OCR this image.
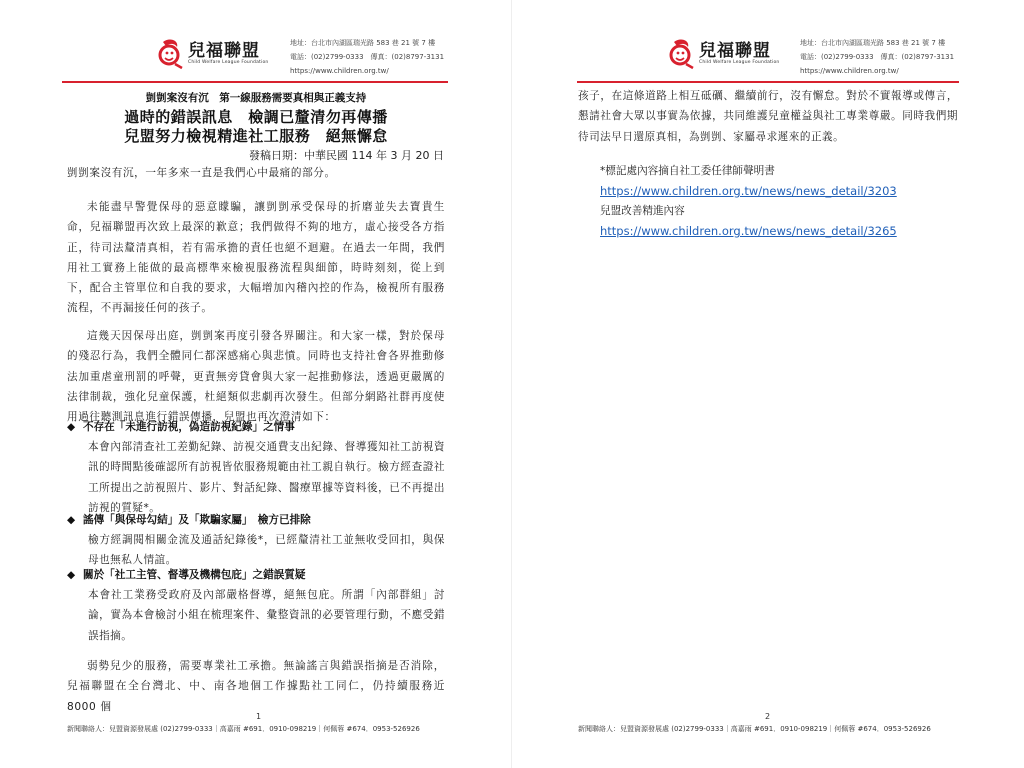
兒福聯盟
Child Welfare League Foundation
地址：台北市內湖區瑞光路 583 巷 21 號 7 樓
電話：(02)2799-0333　傳真：(02)8797-3131
https://www.children.org.tw/
剴剴案沒有沉　第一線服務需要真相與正義支持
過時的錯誤訊息　檢調已釐清勿再傳播
兒盟努力檢視精進社工服務　絕無懈怠
發稿日期：中華民國 114 年 3 月 20 日
剴剴案沒有沉，一年多來一直是我們心中最痛的部分。
未能盡早警覺保母的惡意矇騙，讓剴剴承受保母的折磨並失去寶貴生命，兒福聯盟再次致上最深的歉意；我們做得不夠的地方，虛心接受各方指正，待司法釐清真相，若有需承擔的責任也絕不迴避。在過去一年間，我們用社工實務上能做的最高標準來檢視服務流程與細節，時時刻刻，從上到下，配合主管單位和自我的要求，大幅增加內稽內控的作為，檢視所有服務流程，不再漏接任何的孩子。
這幾天因保母出庭，剴剴案再度引發各界關注。和大家一樣，對於保母的殘忍行為，我們全體同仁都深感痛心與悲憤。同時也支持社會各界推動修法加重虐童刑罰的呼聲，更責無旁貸會與大家一起推動修法，透過更嚴厲的法律制裁，強化兒童保護，杜絕類似悲劇再次發生。但部分網路社群再度使用過往聽測訊息進行錯誤傳播，兒盟也再次澄清如下：
◆ 不存在「未進行訪視，偽造訪視紀錄」之情事
本會內部清查社工差勤紀錄、訪視交通費支出紀錄、督導獲知社工訪視資訊的時間點後確認所有訪視皆依服務規範由社工親自執行。檢方經查證社工所提出之訪視照片、影片、對話紀錄、醫療單據等資料後，已不再提出訪視的質疑*。
◆ 謠傳「與保母勾結」及「欺騙家屬」　檢方已排除
檢方經調閱相關金流及通話紀錄後*，已經釐清社工並無收受回扣，與保母也無私人情誼。
◆ 關於「社工主管、督導及機構包庇」之錯誤質疑
本會社工業務受政府及內部嚴格督導，絕無包庇。所謂「內部群組」討論，實為本會檢討小組在梳理案件、彙整資訊的必要管理行動，不應受錯誤指摘。
弱勢兒少的服務，需要專業社工承擔。無論謠言與錯誤指摘是否消除，兒福聯盟在全台灣北、中、南各地個工作據點社工同仁，仍持續服務近 8000 個
1
新聞聯絡人：兒盟資源發展處 (02)2799-0333｜高嘉雨 #691．0910-098219｜何佩蓉 #674．0953-526926
兒福聯盟
Child Welfare League Foundation
地址：台北市內湖區瑞光路 583 巷 21 號 7 樓
電話：(02)2799-0333　傳真：(02)8797-3131
https://www.children.org.tw/
孩子，在這條道路上相互砥礪、繼續前行，沒有懈怠。對於不實報導或傳言，懇請社會大眾以事實為依據，共同維護兒童權益與社工專業尊嚴。同時我們期待司法早日還原真相，為剴剴、家屬尋求遲來的正義。
*標記處內容摘自社工委任律師聲明書
https://www.children.org.tw/news/news_detail/3203
兒盟改善精進內容
https://www.children.org.tw/news/news_detail/3265
2
新聞聯絡人：兒盟資源發展處 (02)2799-0333｜高嘉雨 #691．0910-098219｜何佩蓉 #674．0953-526926
